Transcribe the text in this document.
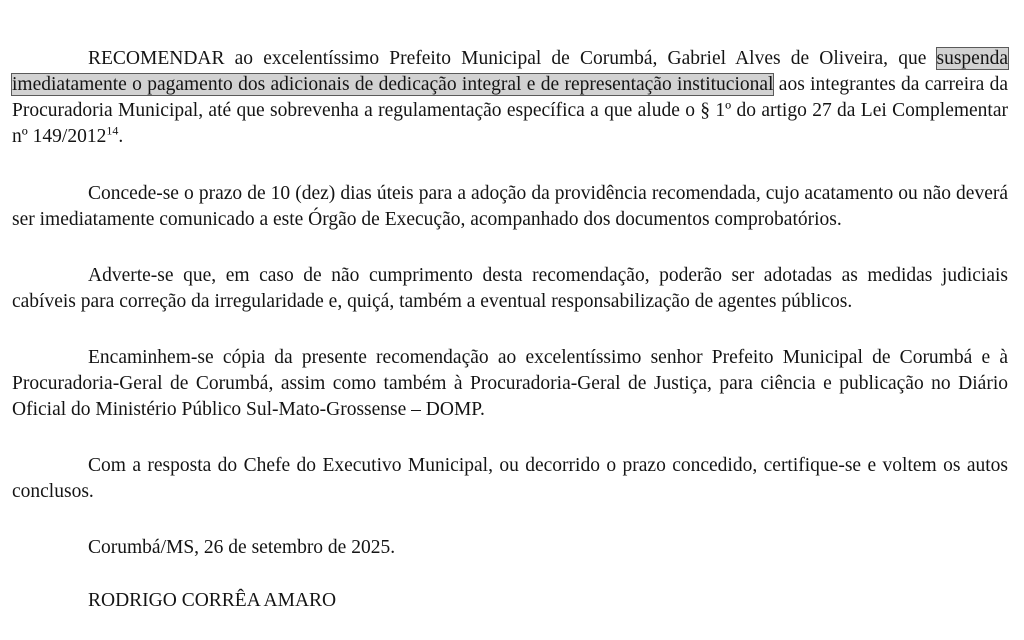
RECOMENDAR ao excelentíssimo Prefeito Municipal de Corumbá, Gabriel Alves de Oliveira, que suspenda imediatamente o pagamento dos adicionais de dedicação integral e de representação institucional aos integrantes da carreira da Procuradoria Municipal, até que sobrevenha a regulamentação específica a que alude o § 1º do artigo 27 da Lei Complementar nº 149/2012$^{14}$.

Concede-se o prazo de 10 (dez) dias úteis para a adoção da providência recomendada, cujo acatamento ou não deverá ser imediatamente comunicado a este Órgão de Execução, acompanhado dos documentos comprobatórios.

Adverte-se que, em caso de não cumprimento desta recomendação, poderão ser adotadas as medidas judiciais cabíveis para correção da irregularidade e, quiçá, também a eventual responsabilização de agentes públicos.

Encaminhem-se cópia da presente recomendação ao excelentíssimo senhor Prefeito Municipal de Corumbá e à Procuradoria-Geral de Corumbá, assim como também à Procuradoria-Geral de Justiça, para ciência e publicação no Diário Oficial do Ministério Público Sul-Mato-Grossense – DOMP.

Com a resposta do Chefe do Executivo Municipal, ou decorrido o prazo concedido, certifique-se e voltem os autos conclusos.

Corumbá/MS, 26 de setembro de 2025.

RODRIGO CORRÊA AMARO
